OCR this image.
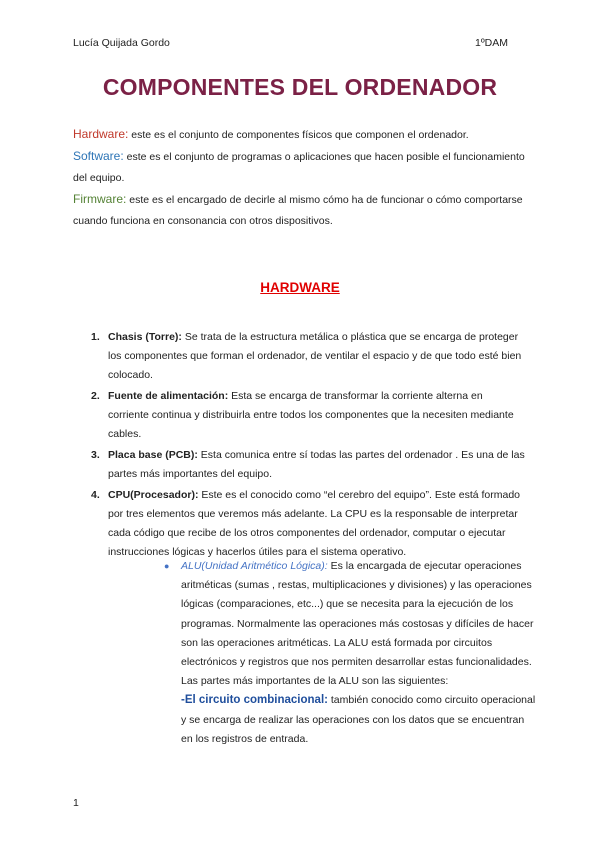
Lucía Quijada Gordo	1ºDAM
COMPONENTES DEL ORDENADOR

Hardware: este es el conjunto de componentes físicos que componen el ordenador.

Software: este es el conjunto de programas o aplicaciones que hacen posible el funcionamiento del equipo.

Firmware: este es el encargado de decirle al mismo cómo ha de funcionar o cómo comportarse cuando funciona en consonancia con otros dispositivos.

HARDWARE
1. Chasis (Torre): Se trata de la estructura metálica o plástica que se encarga de proteger los componentes que forman el ordenador, de ventilar el espacio y de que todo esté bien colocado.
2. Fuente de alimentación: Esta se encarga de transformar la corriente alterna en corriente continua y distribuirla entre todos los componentes que la necesiten mediante cables.
3. Placa base (PCB): Esta comunica entre sí todas las partes del ordenador . Es una de las partes más importantes del equipo.
4. CPU(Procesador): Este es el conocido como “el cerebro del equipo”. Este está formado por tres elementos que veremos más adelante. La CPU es la responsable de interpretar cada código que recibe de los otros componentes del ordenador, computar o ejecutar instrucciones lógicas y hacerlos útiles para el sistema operativo.
● ALU(Unidad Aritmético Lógica): Es la encargada de ejecutar operaciones aritméticas (sumas , restas, multiplicaciones y divisiones) y las operaciones lógicas (comparaciones, etc...) que se necesita para la ejecución de los programas. Normalmente las operaciones más costosas y difíciles de hacer son las operaciones aritméticas. La ALU está formada por circuitos electrónicos y registros que nos permiten desarrollar estas funcionalidades. Las partes más importantes de la ALU son las siguientes:
-El circuito combinacional: también conocido como circuito operacional y se encarga de realizar las operaciones con los datos que se encuentran en los registros de entrada.
1
